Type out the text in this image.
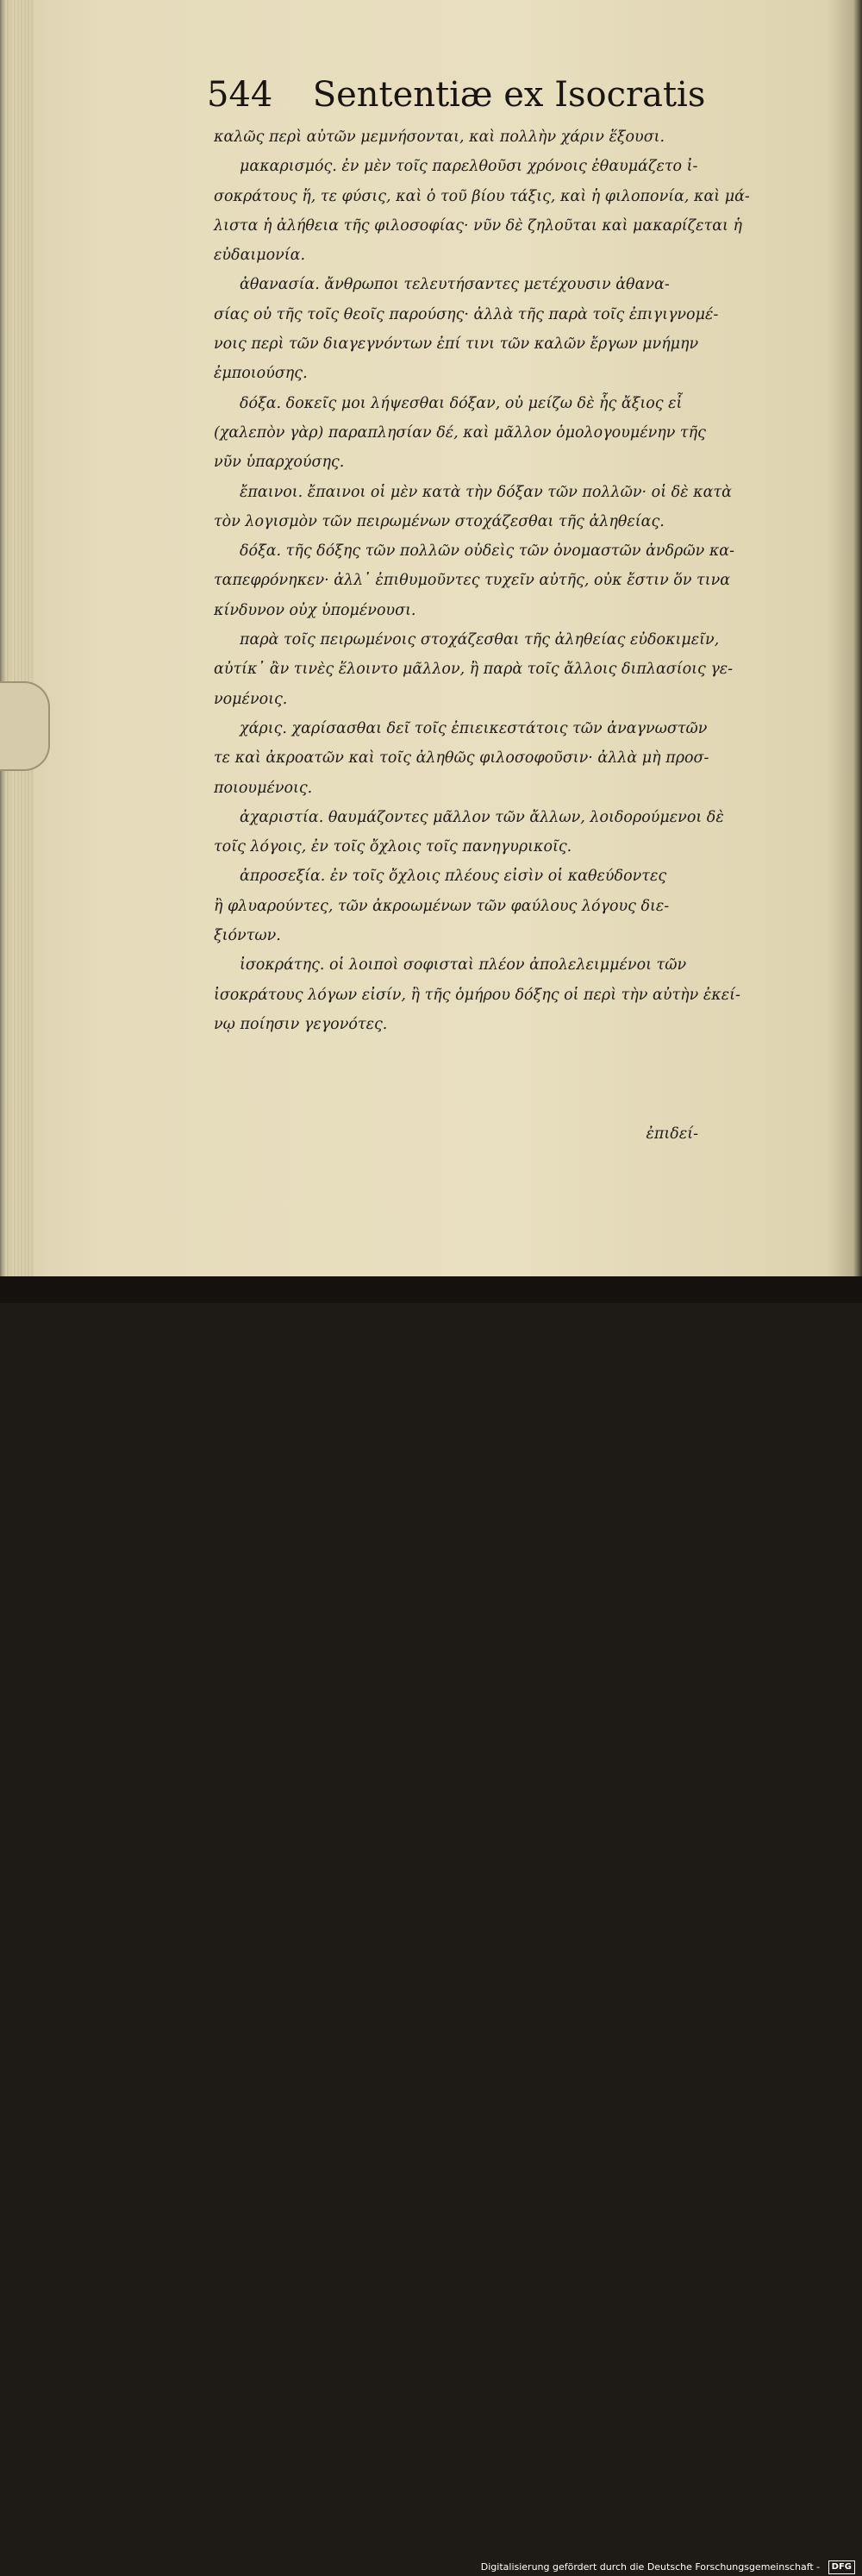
544 Sententiæ ex Isocratis
καλῶς περὶ αὐτῶν μεμνήσονται, καὶ πολλὴν χάριν ἕξουσι.
μακαρισμός. ἐν μὲν τοῖς παρελθοῦσι χρόνοις ἐθαυμάζετο ἰ-
σοκράτους ἥ, τε φύσις, καὶ ὁ τοῦ βίου τάξις, καὶ ἡ φιλοπονία, καὶ μά-
λιστα ἡ ἀλήθεια τῆς φιλοσοφίας· νῦν δὲ ζηλοῦται καὶ μακαρίζεται ἡ
εὐδαιμονία.
ἀθανασία. ἄνθρωποι τελευτήσαντες μετέχουσιν ἀθανα-
σίας οὐ τῆς τοῖς θεοῖς παρούσης· ἀλλὰ τῆς παρὰ τοῖς ἐπιγιγνομέ-
νοις περὶ τῶν διαγεγνόντων ἐπί τινι τῶν καλῶν ἔργων μνήμην
ἐμποιούσης.
δόξα. δοκεῖς μοι λήψεσθαι δόξαν, οὐ μείζω δὲ ἧς ἄξιος εἶ
(χαλεπὸν γὰρ) παραπλησίαν δέ, καὶ μᾶλλον ὁμολογουμένην τῆς
νῦν ὑπαρχούσης.
ἔπαινοι. ἔπαινοι οἱ μὲν κατὰ τὴν δόξαν τῶν πολλῶν· οἱ δὲ κατὰ
τὸν λογισμὸν τῶν πειρωμένων στοχάζεσθαι τῆς ἀληθείας.
δόξα. τῆς δόξης τῶν πολλῶν οὐδεὶς τῶν ὀνομαστῶν ἀνδρῶν κα-
ταπεφρόνηκεν· ἀλλ᾽ ἐπιθυμοῦντες τυχεῖν αὐτῆς, οὐκ ἔστιν ὅν τινα
κίνδυνον οὐχ ὑπομένουσι.
παρὰ τοῖς πειρωμένοις στοχάζεσθαι τῆς ἀληθείας εὐδοκιμεῖν,
αὐτίκ᾽ ἂν τινὲς ἕλοιντο μᾶλλον, ἢ παρὰ τοῖς ἄλλοις διπλασίοις γε-
νομένοις.
χάρις. χαρίσασθαι δεῖ τοῖς ἐπιεικεστάτοις τῶν ἀναγνωστῶν
τε καὶ ἀκροατῶν καὶ τοῖς ἀληθῶς φιλοσοφοῦσιν· ἀλλὰ μὴ προσ-
ποιουμένοις.
ἀχαριστία. θαυμάζοντες μᾶλλον τῶν ἄλλων, λοιδορούμενοι δὲ
τοῖς λόγοις, ἐν τοῖς ὄχλοις τοῖς πανηγυρικοῖς.
ἀπροσεξία. ἐν τοῖς ὄχλοις πλέους εἰσὶν οἱ καθεύδοντες
ἢ φλυαρούντες, τῶν ἀκροωμένων τῶν φαύλους λόγους διε-
ξιόντων.
ἰσοκράτης. οἱ λοιποὶ σοφισταὶ πλέον ἀπολελειμμένοι τῶν
ἰσοκράτους λόγων εἰσίν, ἢ τῆς ὁμήρου δόξης οἱ περὶ τὴν αὐτὴν ἐκεί-
νῳ ποίησιν γεγονότες.
ἐπιδεί-
Digitalisierung gefördert durch die Deutsche Forschungsgemeinschaft - DFG
